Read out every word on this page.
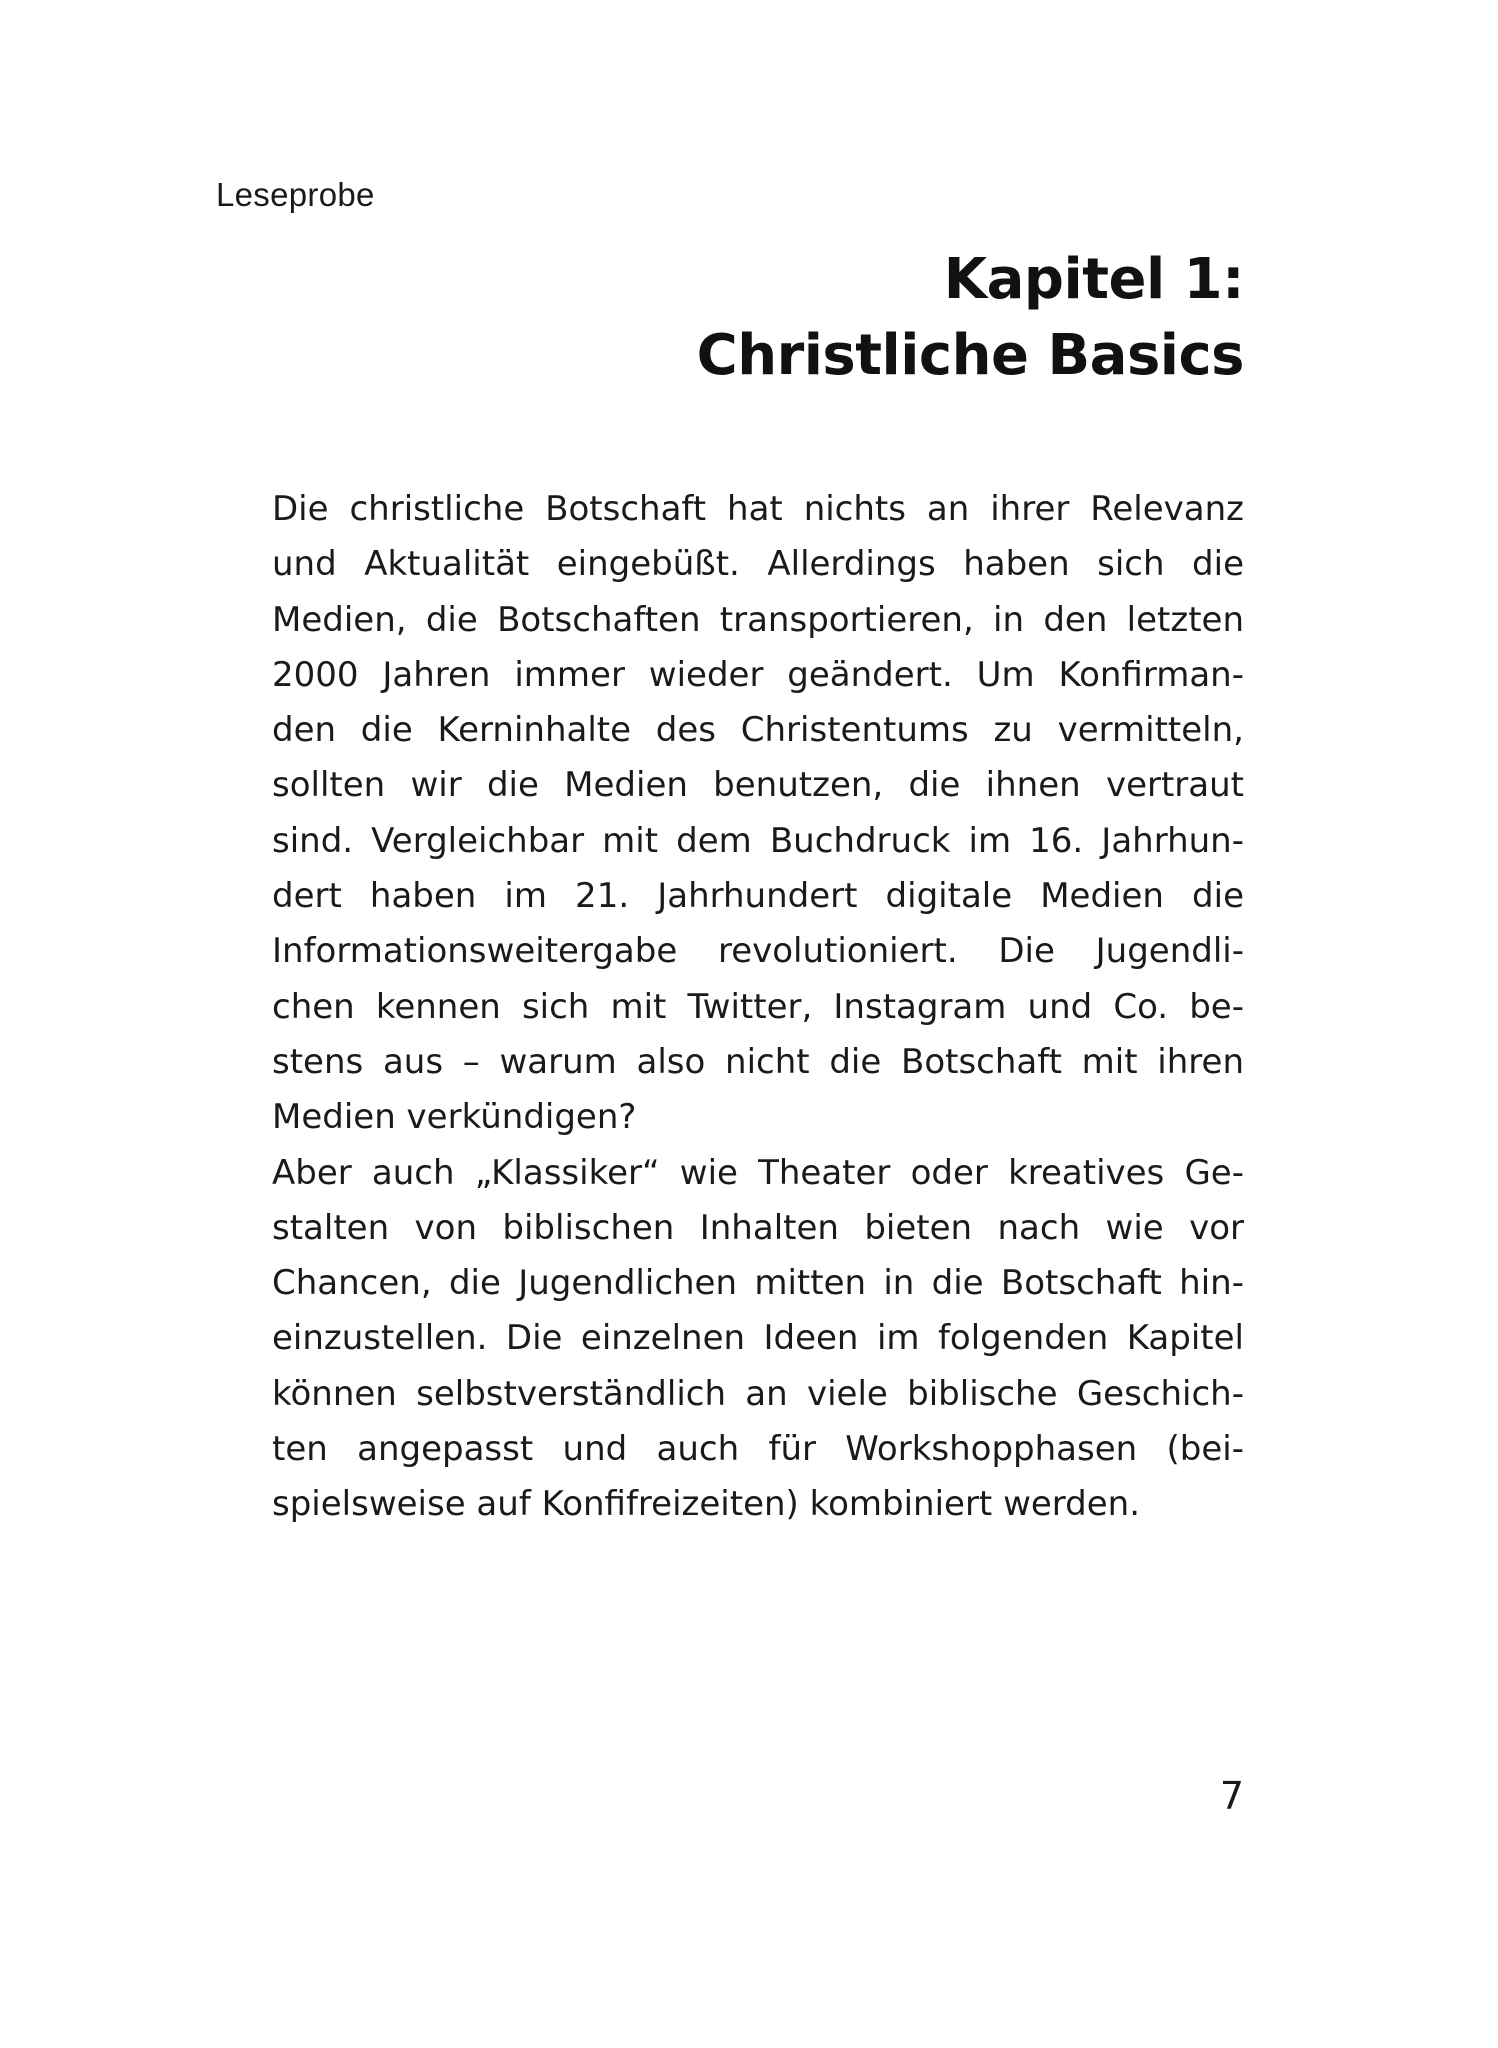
Leseprobe
Kapitel 1:
Christliche Basics
Die christliche Botschaft hat nichts an ihrer Relevanz
und Aktualität eingebüßt. Allerdings haben sich die
Medien, die Botschaften transportieren, in den letzten
2000 Jahren immer wieder geändert. Um Konfirman-
den die Kerninhalte des Christentums zu vermitteln,
sollten wir die Medien benutzen, die ihnen vertraut
sind. Vergleichbar mit dem Buchdruck im 16. Jahrhun-
dert haben im 21. Jahrhundert digitale Medien die
Informationsweitergabe revolutioniert. Die Jugendli-
chen kennen sich mit Twitter, Instagram und Co. be-
stens aus – warum also nicht die Botschaft mit ihren
Medien verkündigen?
Aber auch „Klassiker“ wie Theater oder kreatives Ge-
stalten von biblischen Inhalten bieten nach wie vor
Chancen, die Jugendlichen mitten in die Botschaft hin-
einzustellen. Die einzelnen Ideen im folgenden Kapitel
können selbstverständlich an viele biblische Geschich-
ten angepasst und auch für Workshopphasen (bei-
spielsweise auf Konfifreizeiten) kombiniert werden.
7
